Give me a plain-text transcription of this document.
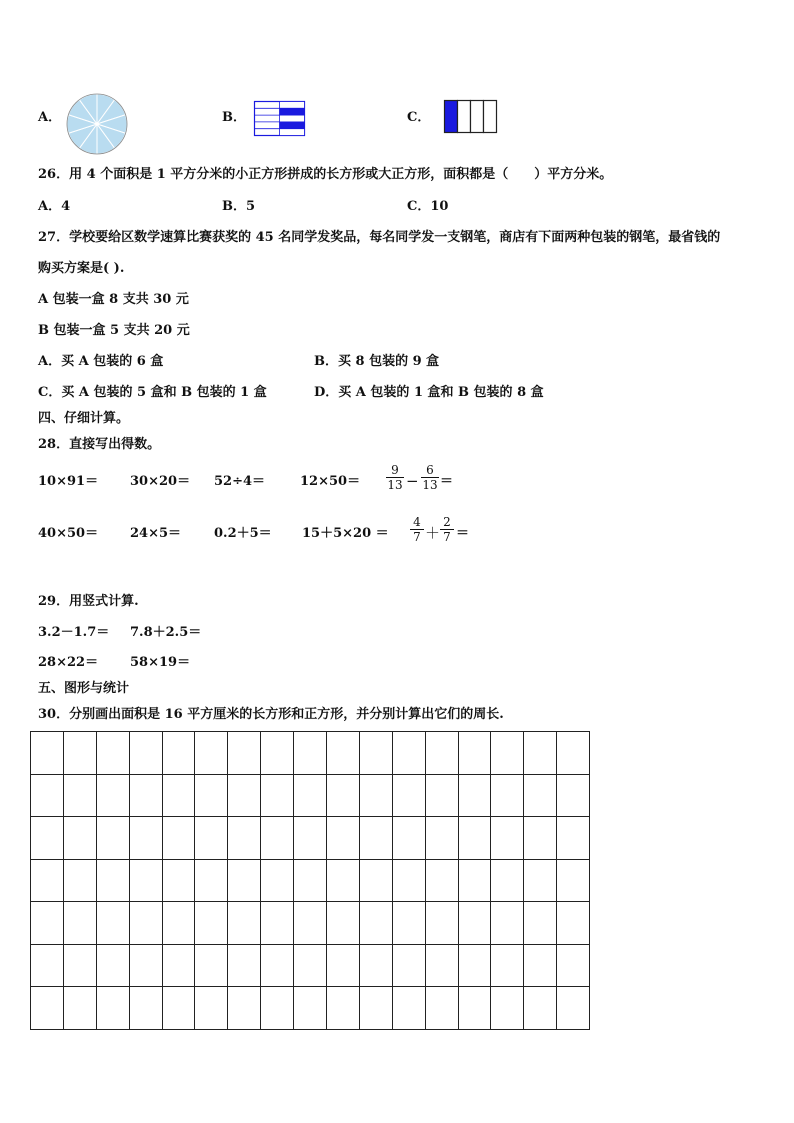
A．	B．	C．
26．用 4 个面积是 1 平方分米的小正方形拼成的长方形或大正方形，面积都是（　　）平方分米。
A．4	B．5	C．10
27．学校要给区数学速算比赛获奖的 45 名同学发奖品，每名同学发一支钢笔，商店有下面两种包装的钢笔，最省钱的
购买方案是( ).
A 包装一盒 8 支共 30 元
B 包装一盒 5 支共 20 元
A．买 A 包装的 6 盒	B．买 8 包装的 9 盒
C．买 A 包装的 5 盒和 B 包装的 1 盒	D．买 A 包装的 1 盒和 B 包装的 8 盒
四、仔细计算。
28．直接写出得数。
10×91＝ 30×20＝ 52÷4＝	12×50＝
9
13 −
6
13 ＝
40×50＝ 24×5＝	0.2＋5＝ 15＋5×20 ＝
4
7 ＋
2
7 ＝
29．用竖式计算.
3.2－1.7＝ 7.8＋2.5＝
28×22＝ 58×19＝
五、图形与统计
30．分别画出面积是 16 平方厘米的长方形和正方形，并分别计算出它们的周长.
